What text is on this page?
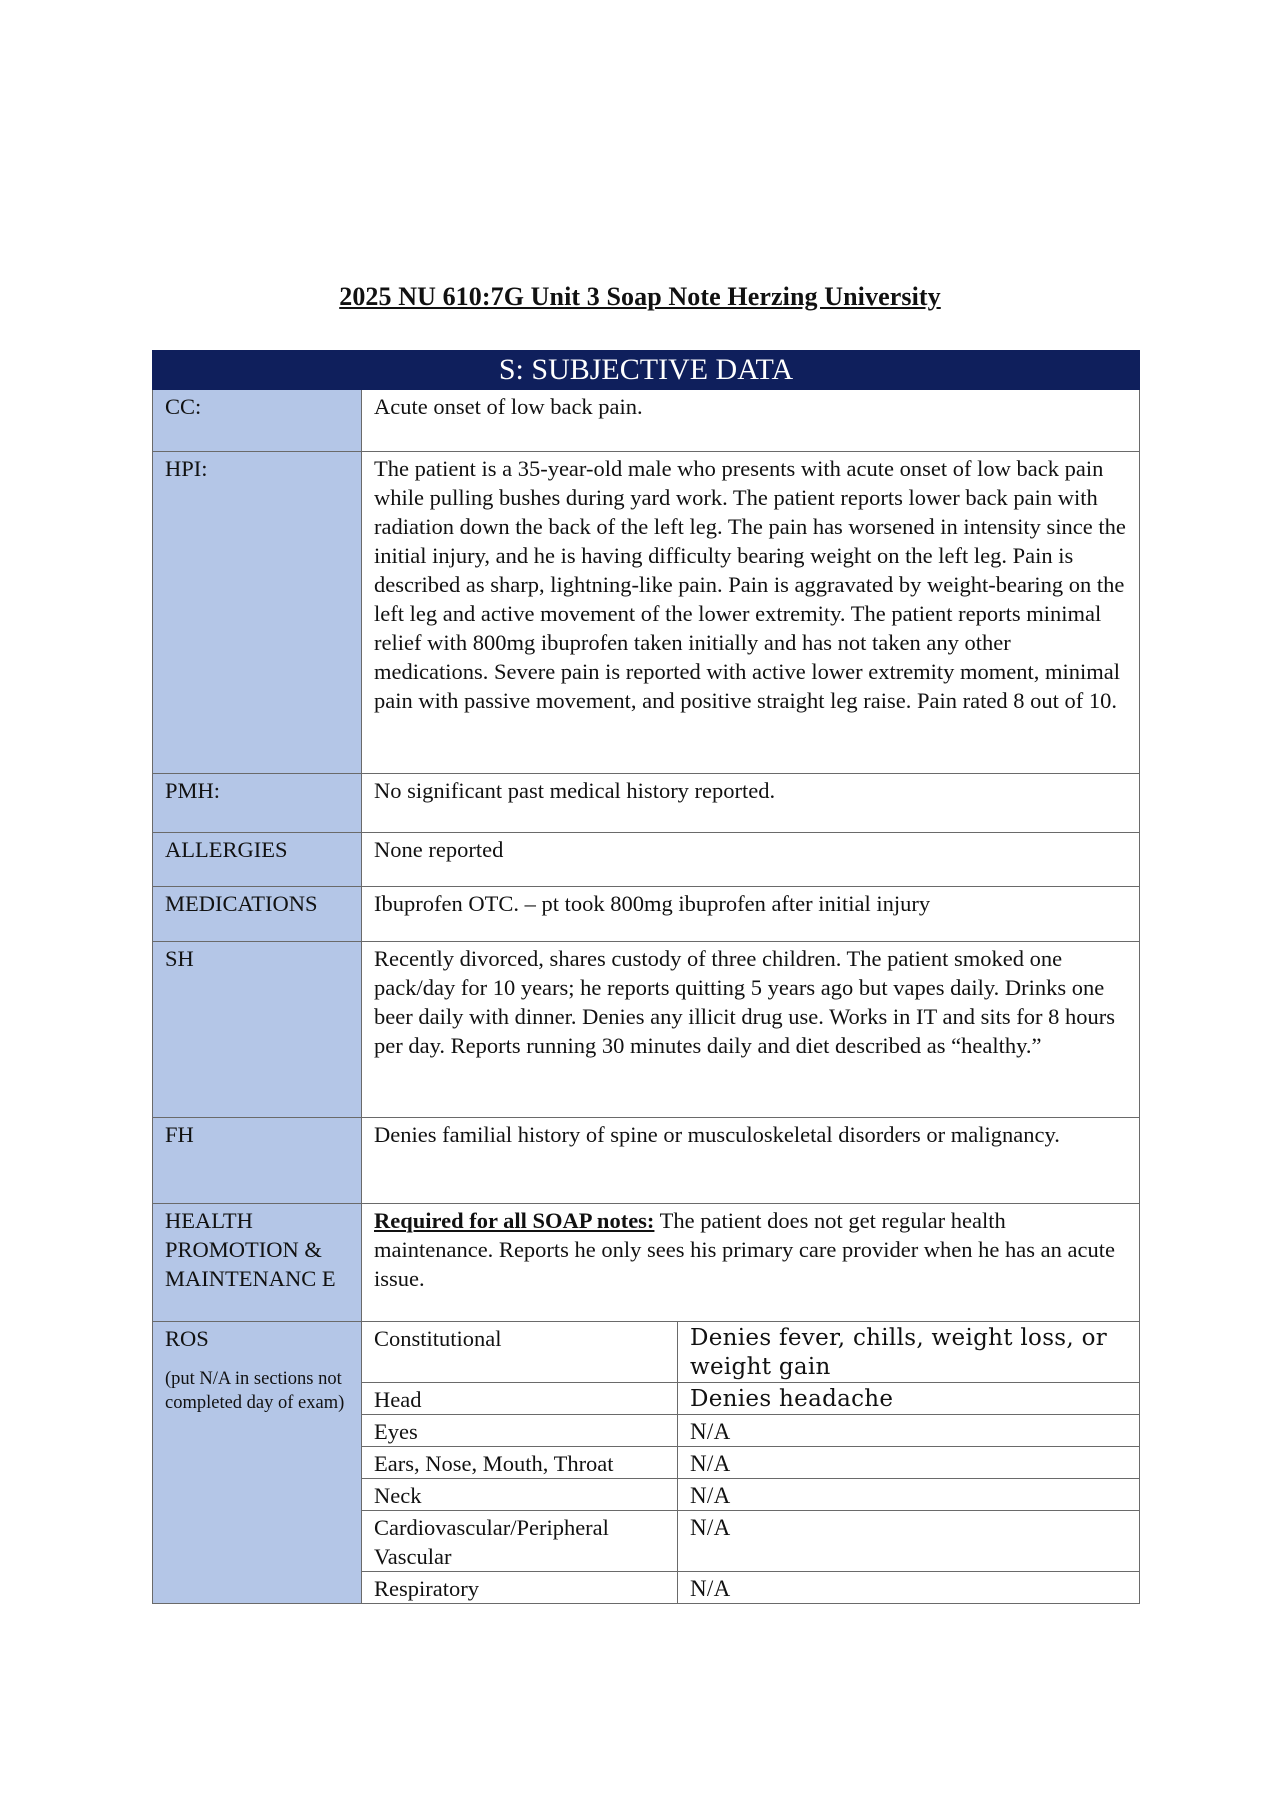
2025 NU 610:7G Unit 3 Soap Note Herzing University
S: SUBJECTIVE DATA		
CC:	Acute onset of low back pain.	
HPI:	The patient is a 35-year-old male who presents with acute onset of low back pain while pulling bushes during yard work. The patient reports lower back pain with radiation down the back of the left leg. The pain has worsened in intensity since the initial injury, and he is having difficulty bearing weight on the left leg. Pain is described as sharp, lightning-like pain. Pain is aggravated by weight-bearing on the left leg and active movement of the lower extremity. The patient reports minimal relief with 800mg ibuprofen taken initially and has not taken any other medications. Severe pain is reported with active lower extremity moment, minimal pain with passive movement, and positive straight leg raise. Pain rated 8 out of 10.	
PMH:	No significant past medical history reported.	
ALLERGIES	None reported	
MEDICATIONS	Ibuprofen OTC. – pt took 800mg ibuprofen after initial injury	
SH	Recently divorced, shares custody of three children. The patient smoked one pack/day for 10 years; he reports quitting 5 years ago but vapes daily. Drinks one beer daily with dinner. Denies any illicit drug use. Works in IT and sits for 8 hours per day. Reports running 30 minutes daily and diet described as “healthy.”	
FH	Denies familial history of spine or musculoskeletal disorders or malignancy.	
HEALTH PROMOTION & MAINTENANC E	Required for all SOAP notes: The patient does not get regular health maintenance. Reports he only sees his primary care provider when he has an acute issue.	
ROS
(put N/A in sections not completed day of exam)	Constitutional	Denies fever, chills, weight loss, or weight gain
	Head	Denies headache
	Eyes	N/A
	Ears, Nose, Mouth, Throat	N/A
	Neck	N/A
	Cardiovascular/Peripheral Vascular	N/A
	Respiratory	N/A
